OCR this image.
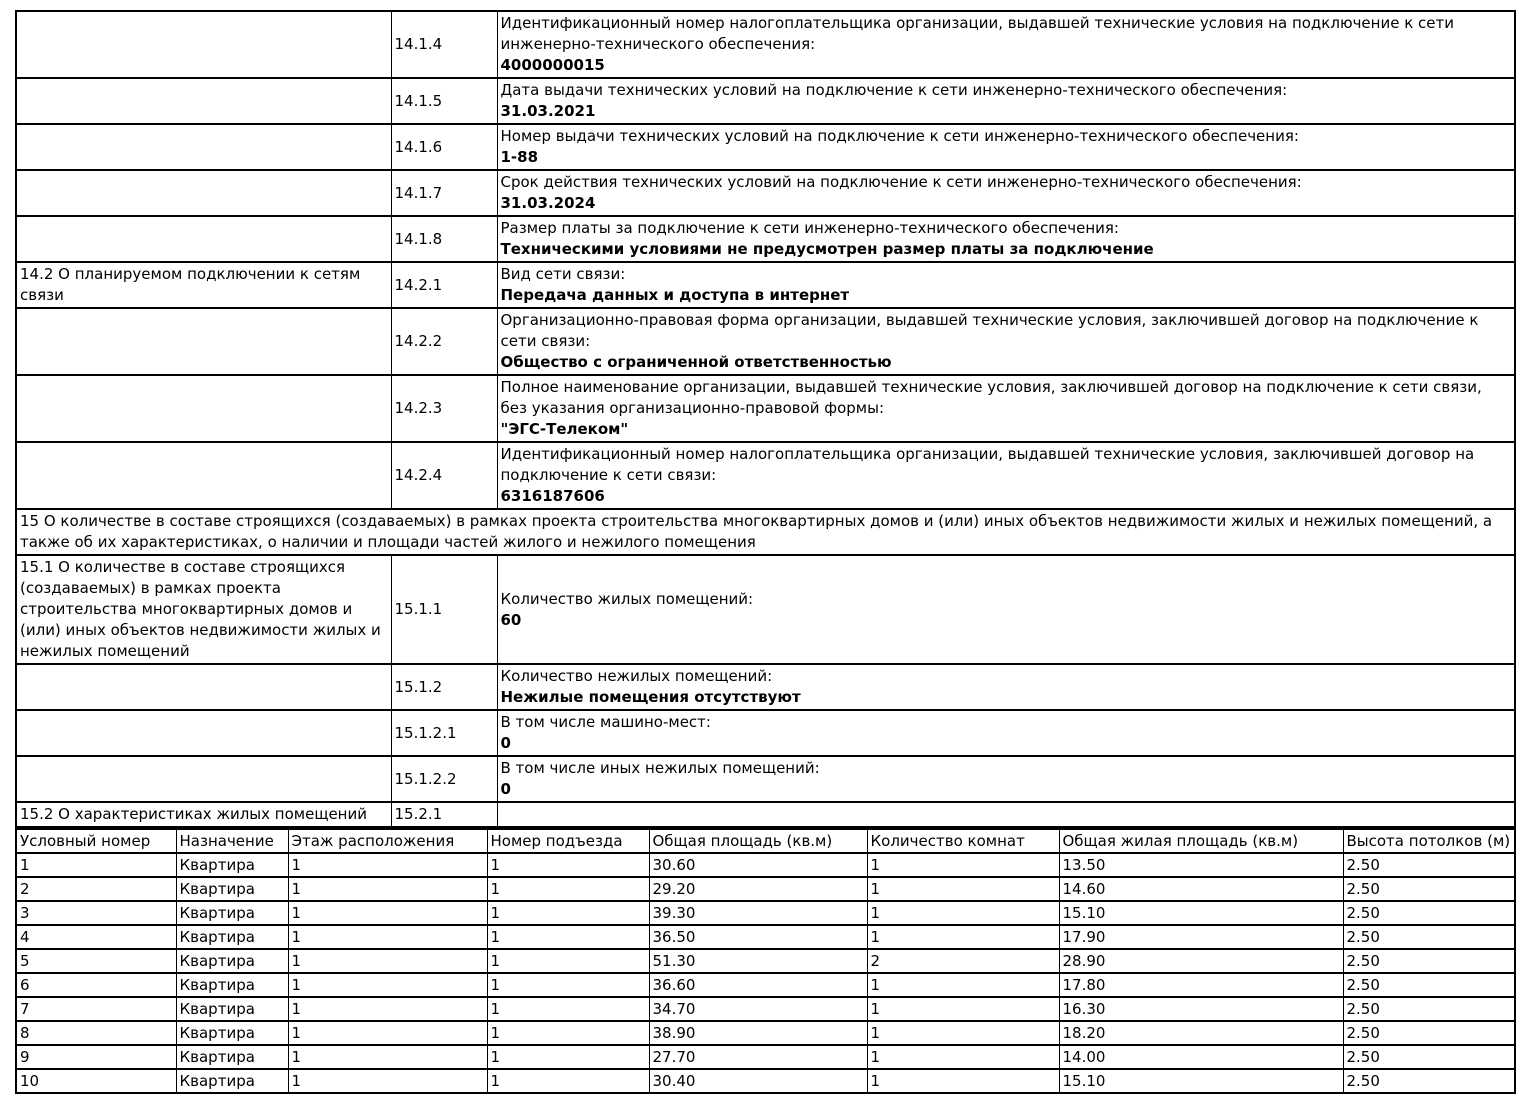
	14.1.4	Идентификационный номер налогоплательщика организации, выдавшей технические условия на подключение к сети инженерно-технического обеспечения:
4000000015

	14.1.5	Дата выдачи технических условий на подключение к сети инженерно-технического обеспечения:
31.03.2021

	14.1.6	Номер выдачи технических условий на подключение к сети инженерно-технического обеспечения:
1-88

	14.1.7	Срок действия технических условий на подключение к сети инженерно-технического обеспечения:
31.03.2024

	14.1.8	Размер платы за подключение к сети инженерно-технического обеспечения:
Техническими условиями не предусмотрен размер платы за подключение

14.2 О планируемом подключении к сетям связи	14.2.1	Вид сети связи:
Передача данных и доступа в интернет

	14.2.2	Организационно-правовая форма организации, выдавшей технические условия, заключившей договор на подключение к сети связи:
Общество с ограниченной ответственностью

	14.2.3	Полное наименование организации, выдавшей технические условия, заключившей договор на подключение к сети связи, без указания организационно-правовой формы:
"ЭГС-Телеком"

	14.2.4	Идентификационный номер налогоплательщика организации, выдавшей технические условия, заключившей договор на подключение к сети связи:
6316187606

15 О количестве в составе строящихся (создаваемых) в рамках проекта строительства многоквартирных домов и (или) иных объектов недвижимости жилых и нежилых помещений, а также об их характеристиках, о наличии и площади частей жилого и нежилого помещения		
15.1 О количестве в составе строящихся (создаваемых) в рамках проекта строительства многоквартирных домов и (или) иных объектов недвижимости жилых и нежилых помещений	15.1.1	Количество жилых помещений:
60

	15.1.2	Количество нежилых помещений:
Нежилые помещения отсутствуют

	15.1.2.1	В том числе машино-мест:
0

	15.1.2.2	В том числе иных нежилых помещений:
0

15.2 О характеристиках жилых помещений	15.2.1	
Условный номер	Назначение	Этаж расположения	Номер подъезда	Общая площадь (кв.м)	Количество комнат	Общая жилая площадь (кв.м)	Высота потолков (м)
1	Квартира	1	1	30.60	1	13.50	2.50
2	Квартира	1	1	29.20	1	14.60	2.50
3	Квартира	1	1	39.30	1	15.10	2.50
4	Квартира	1	1	36.50	1	17.90	2.50
5	Квартира	1	1	51.30	2	28.90	2.50
6	Квартира	1	1	36.60	1	17.80	2.50
7	Квартира	1	1	34.70	1	16.30	2.50
8	Квартира	1	1	38.90	1	18.20	2.50
9	Квартира	1	1	27.70	1	14.00	2.50
10	Квартира	1	1	30.40	1	15.10	2.50
